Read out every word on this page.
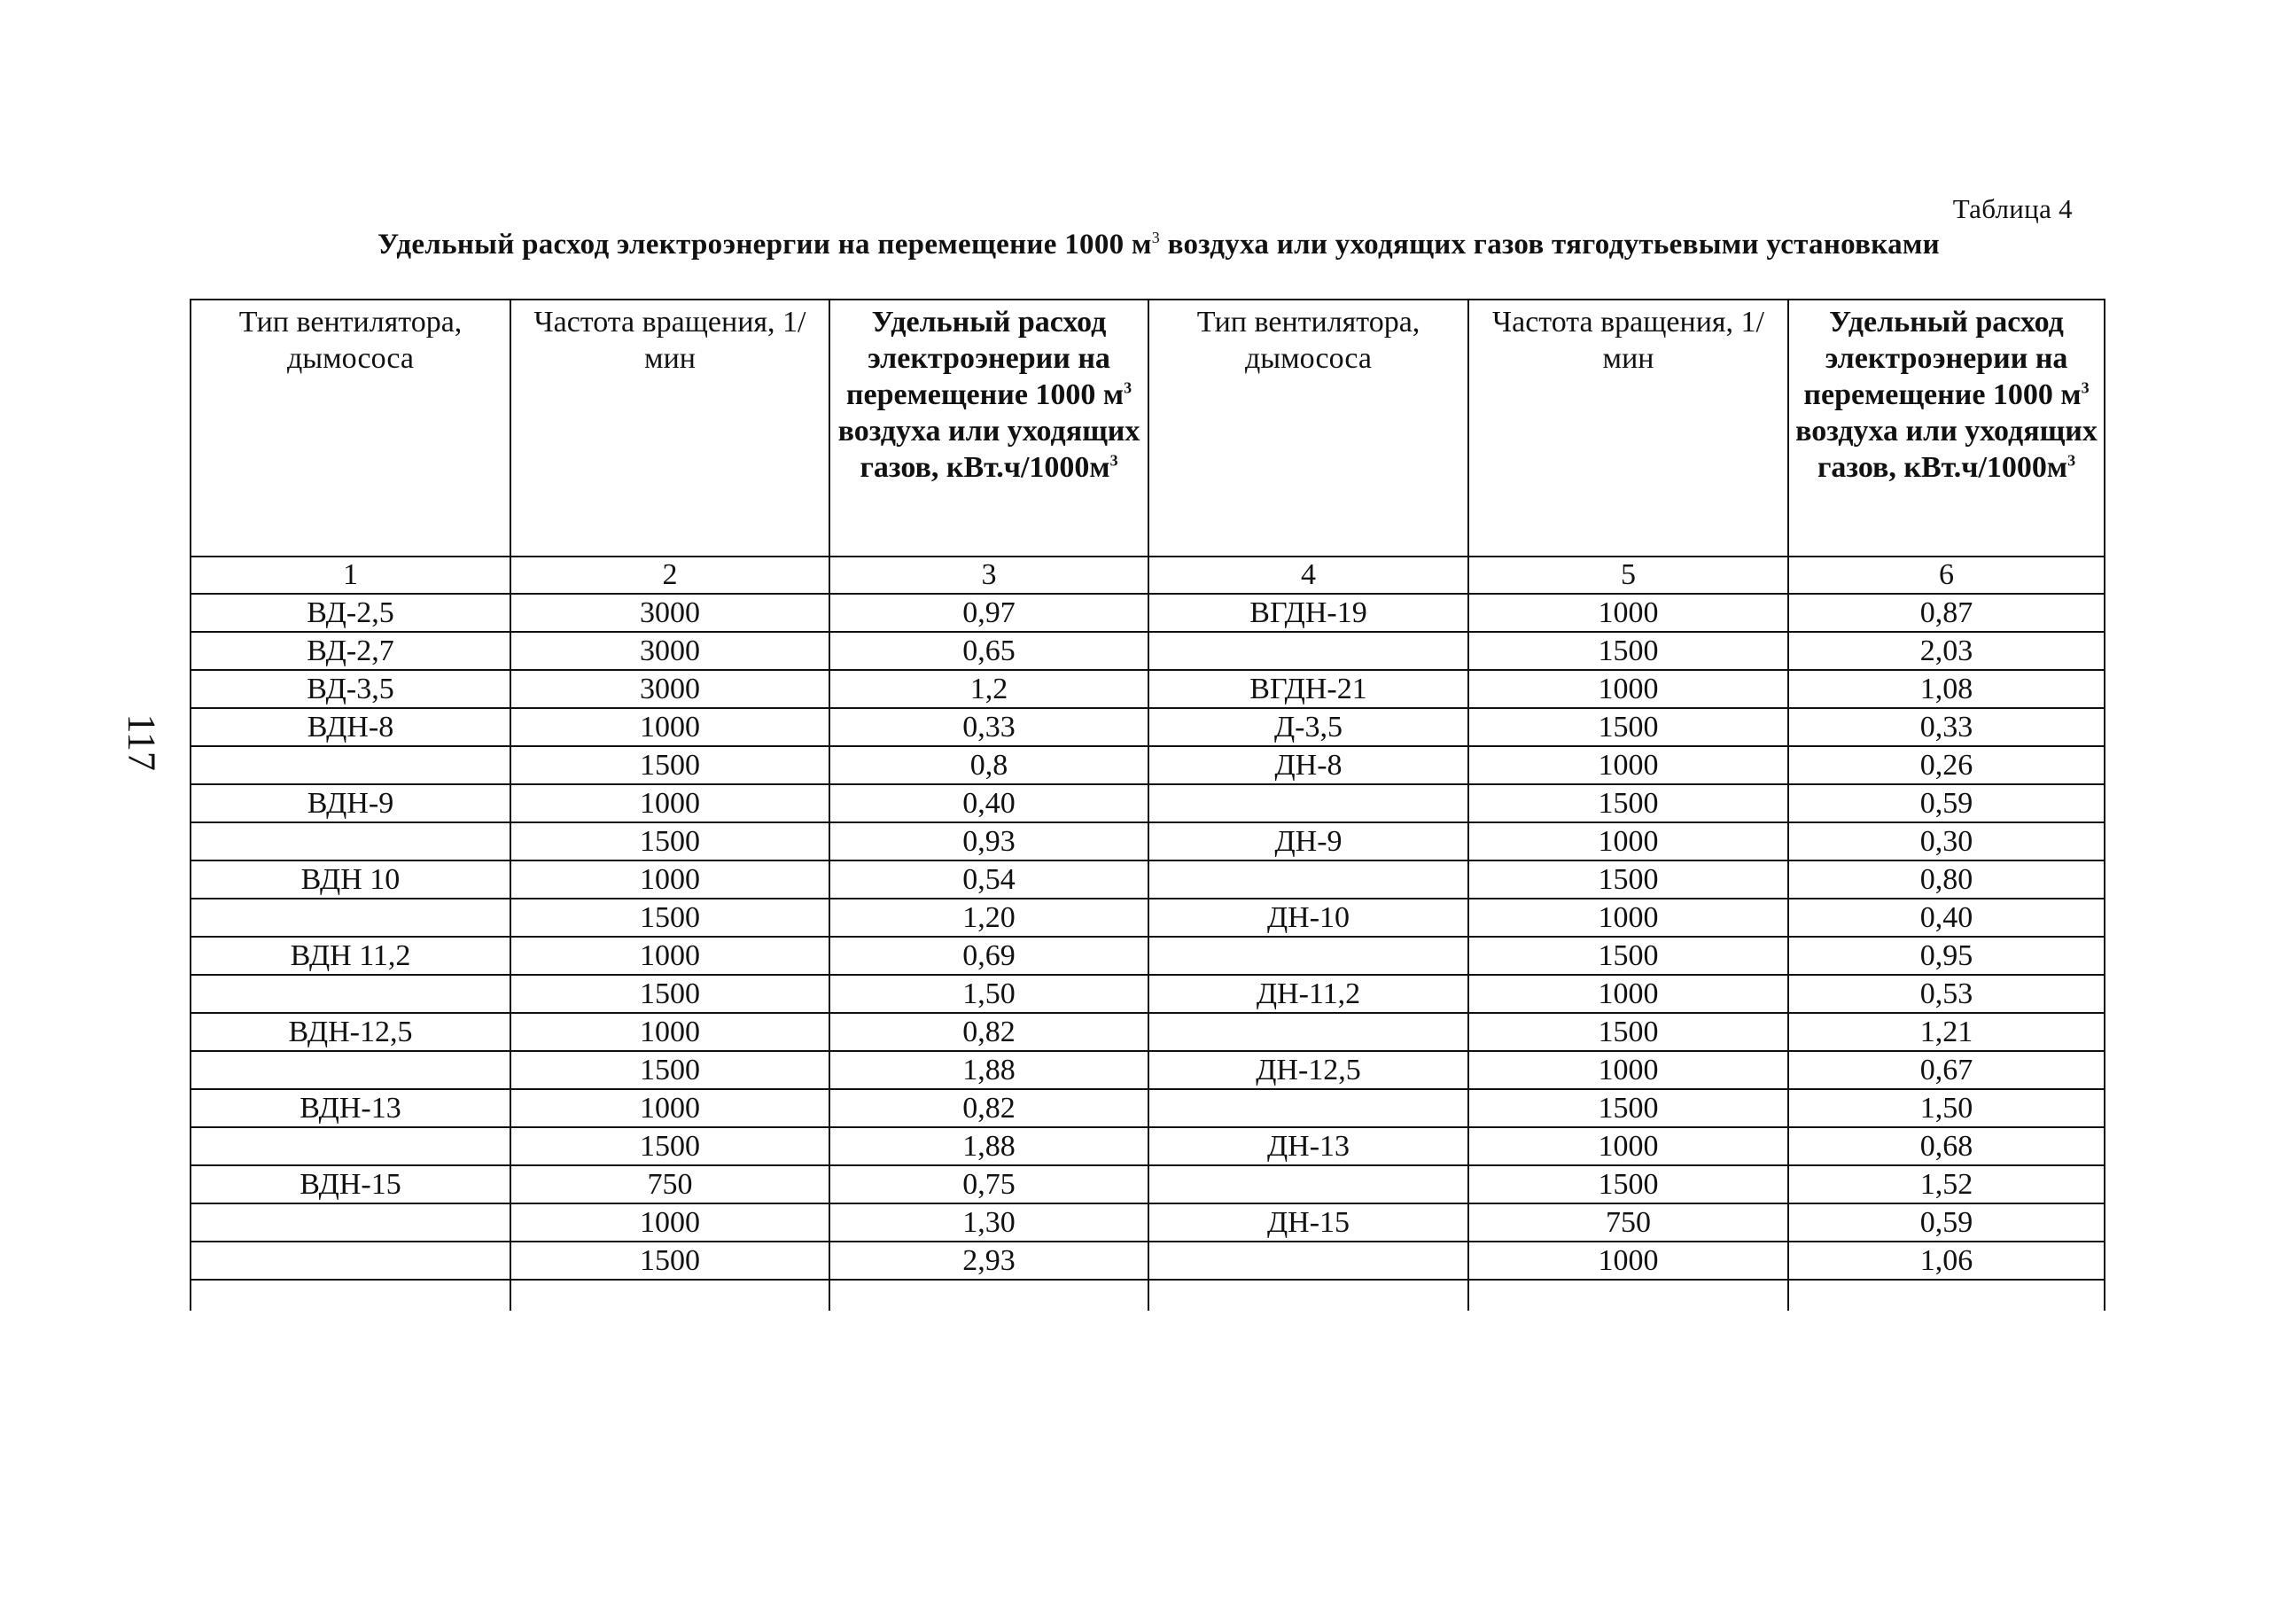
Таблица 4
Удельный расход электроэнергии на перемещение 1000 $м^3$ воздуха или уходящих газов тягодутьевыми установками
117
Тип вентилятора, дымососа	Частота вращения, 1/мин	Удельный расход электроэнерии на перемещение 1000 $м^3$ воздуха или уходящих газов, $кВт.ч/1000м^3$	Тип вентилятора, дымососа	Частота вращения, 1/мин	Удельный расход электроэнерии на перемещение 1000 $м^3$ воздуха или уходящих газов, $кВт.ч/1000м^3$
1	2	3	4	5	6
ВД-2,5	3000	0,97	ВГДН-19	1000	0,87
ВД-2,7	3000	0,65		1500	2,03
ВД-3,5	3000	1,2	ВГДН-21	1000	1,08
ВДН-8	1000	0,33	Д-3,5	1500	0,33
	1500	0,8	ДН-8	1000	0,26
ВДН-9	1000	0,40		1500	0,59
	1500	0,93	ДН-9	1000	0,30
ВДН 10	1000	0,54		1500	0,80
	1500	1,20	ДН-10	1000	0,40
ВДН 11,2	1000	0,69		1500	0,95
	1500	1,50	ДН-11,2	1000	0,53
ВДН-12,5	1000	0,82		1500	1,21
	1500	1,88	ДН-12,5	1000	0,67
ВДН-13	1000	0,82		1500	1,50
	1500	1,88	ДН-13	1000	0,68
ВДН-15	750	0,75		1500	1,52
	1000	1,30	ДН-15	750	0,59
	1500	2,93		1000	1,06
